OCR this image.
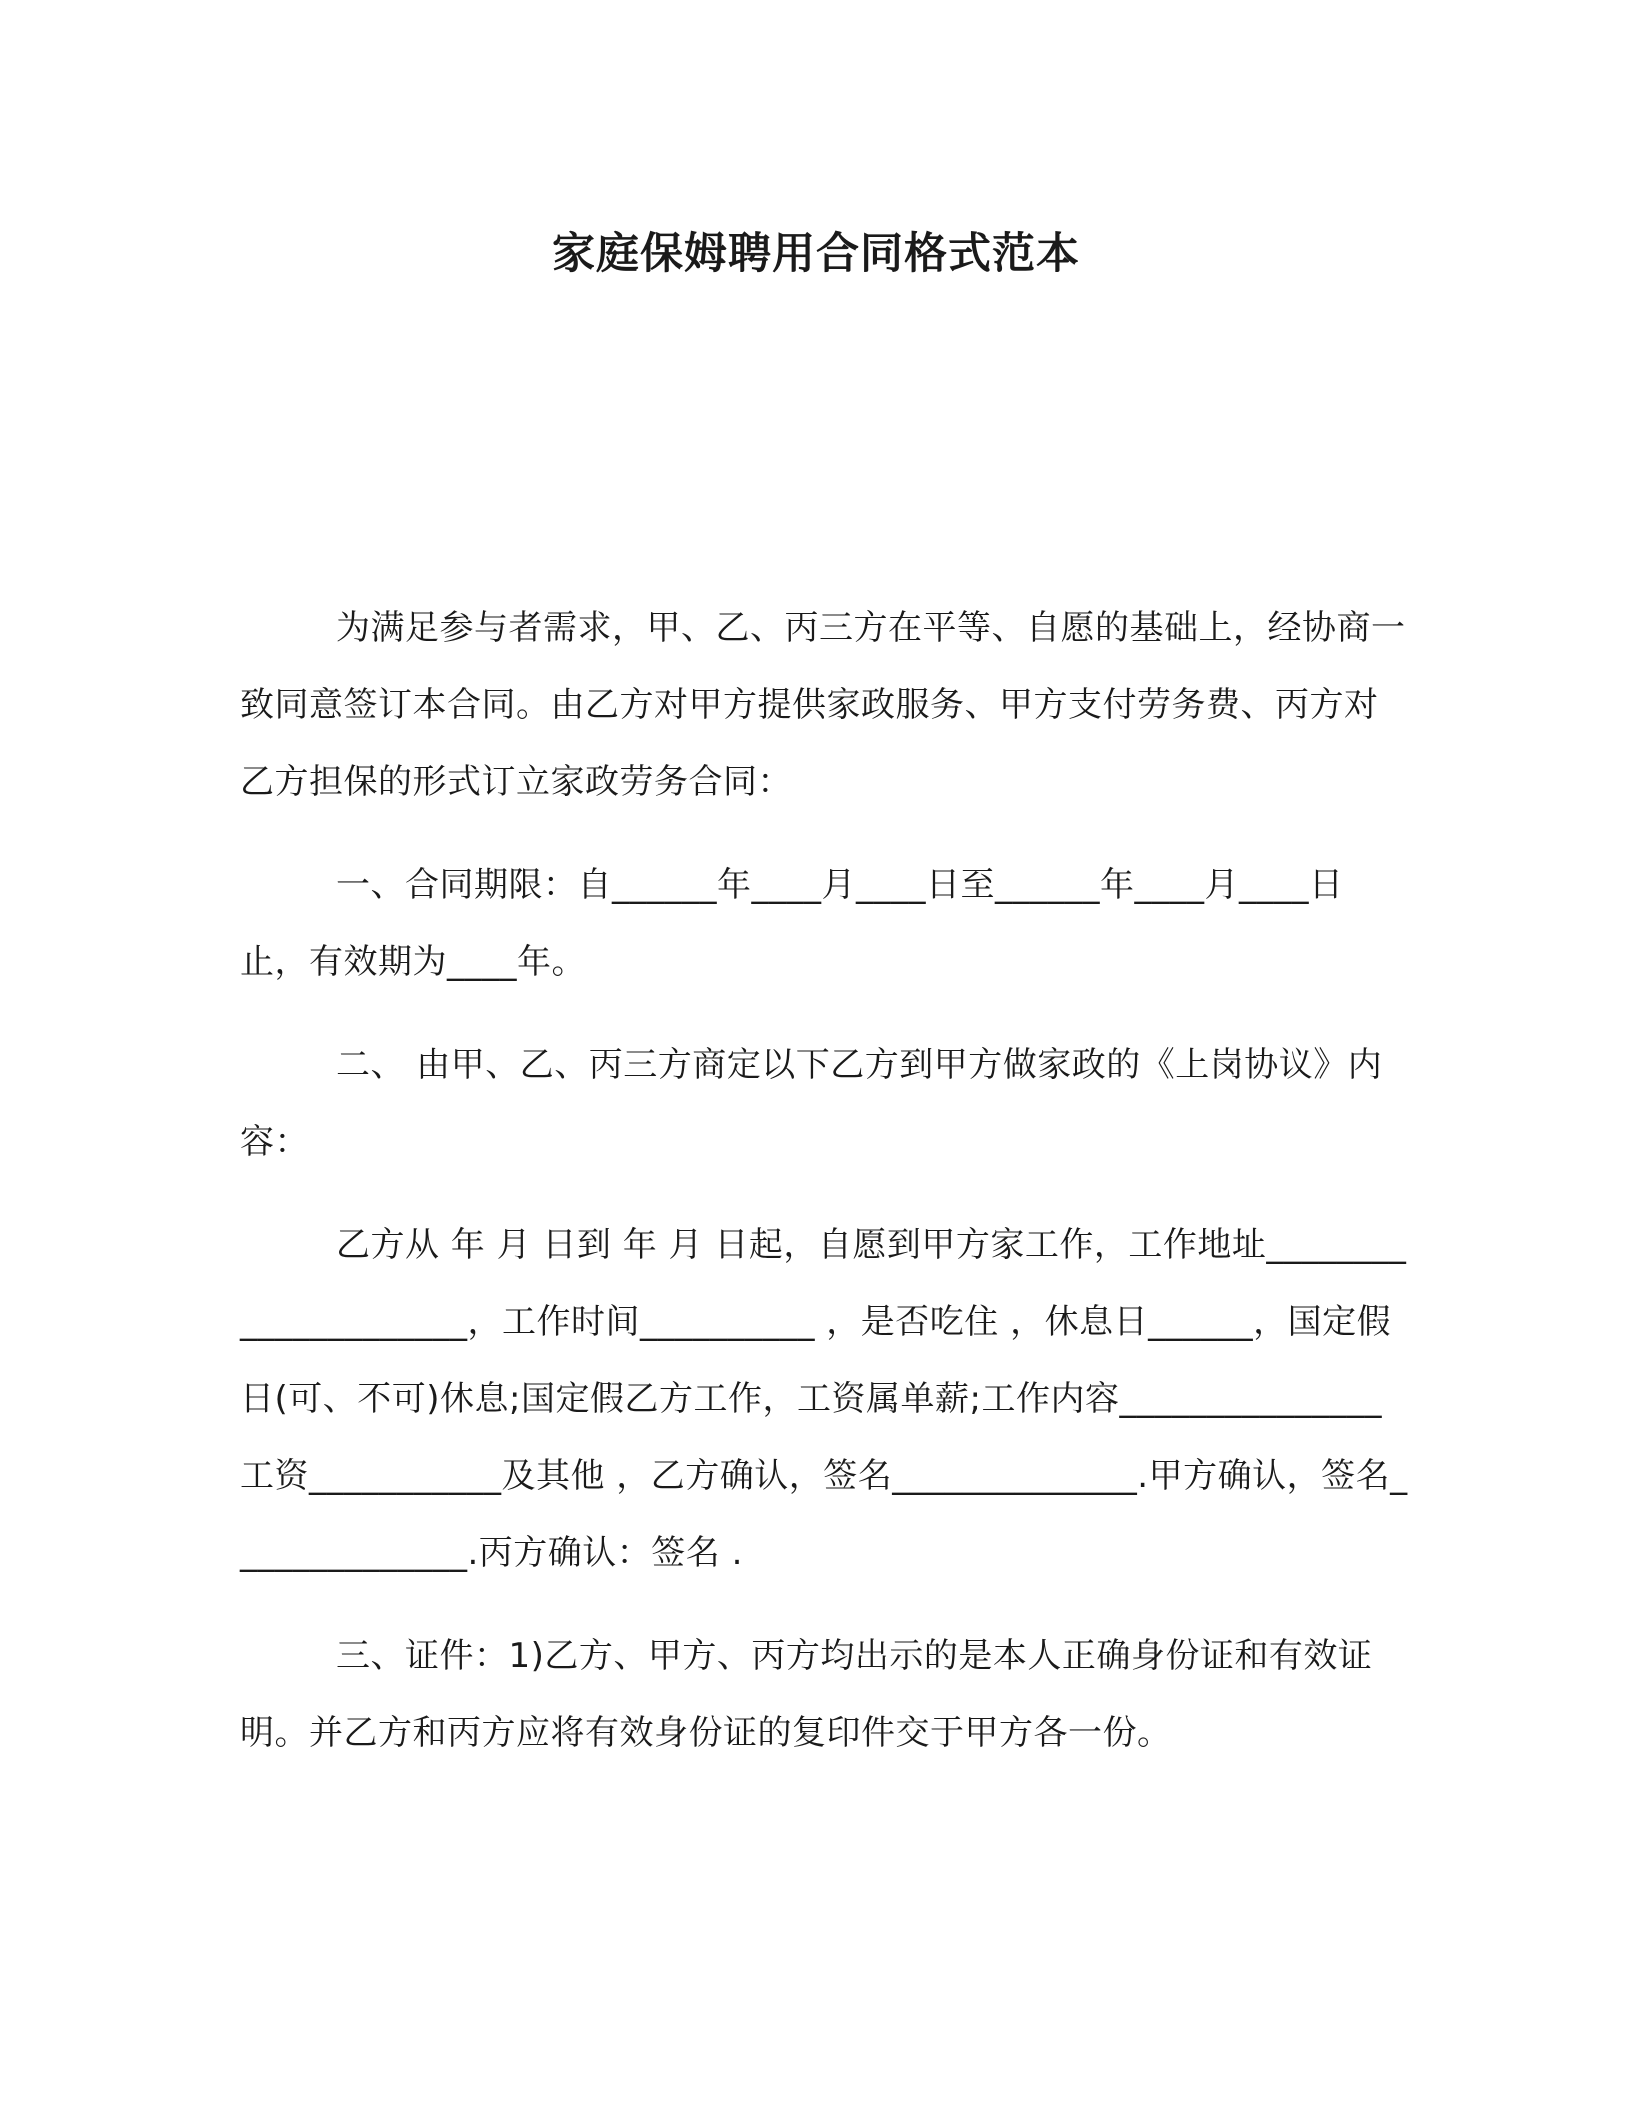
家庭保姆聘用合同格式范本

为满足参与者需求，甲、乙、丙三方在平等、自愿的基础上，经协商一致同意签订本合同。由乙方对甲方提供家政服务、甲方支付劳务费、丙方对乙方担保的形式订立家政劳务合同：

一、合同期限：自______年____月____日至______年____月____日止，有效期为____年。

二、 由甲、乙、丙三方商定以下乙方到甲方做家政的《上岗协议》内容：

乙方从 年 月 日到 年 月 日起，自愿到甲方家工作，工作地址_____________________，工作时间__________ ，是否吃住 ，休息日______，国定假日(可、不可)休息;国定假乙方工作，工资属单薪;工作内容_______________ 工资___________及其他 ，乙方确认，签名______________.甲方确认，签名______________.丙方确认：签名 .

三、证件：1)乙方、甲方、丙方均出示的是本人正确身份证和有效证明。并乙方和丙方应将有效身份证的复印件交于甲方各一份。
